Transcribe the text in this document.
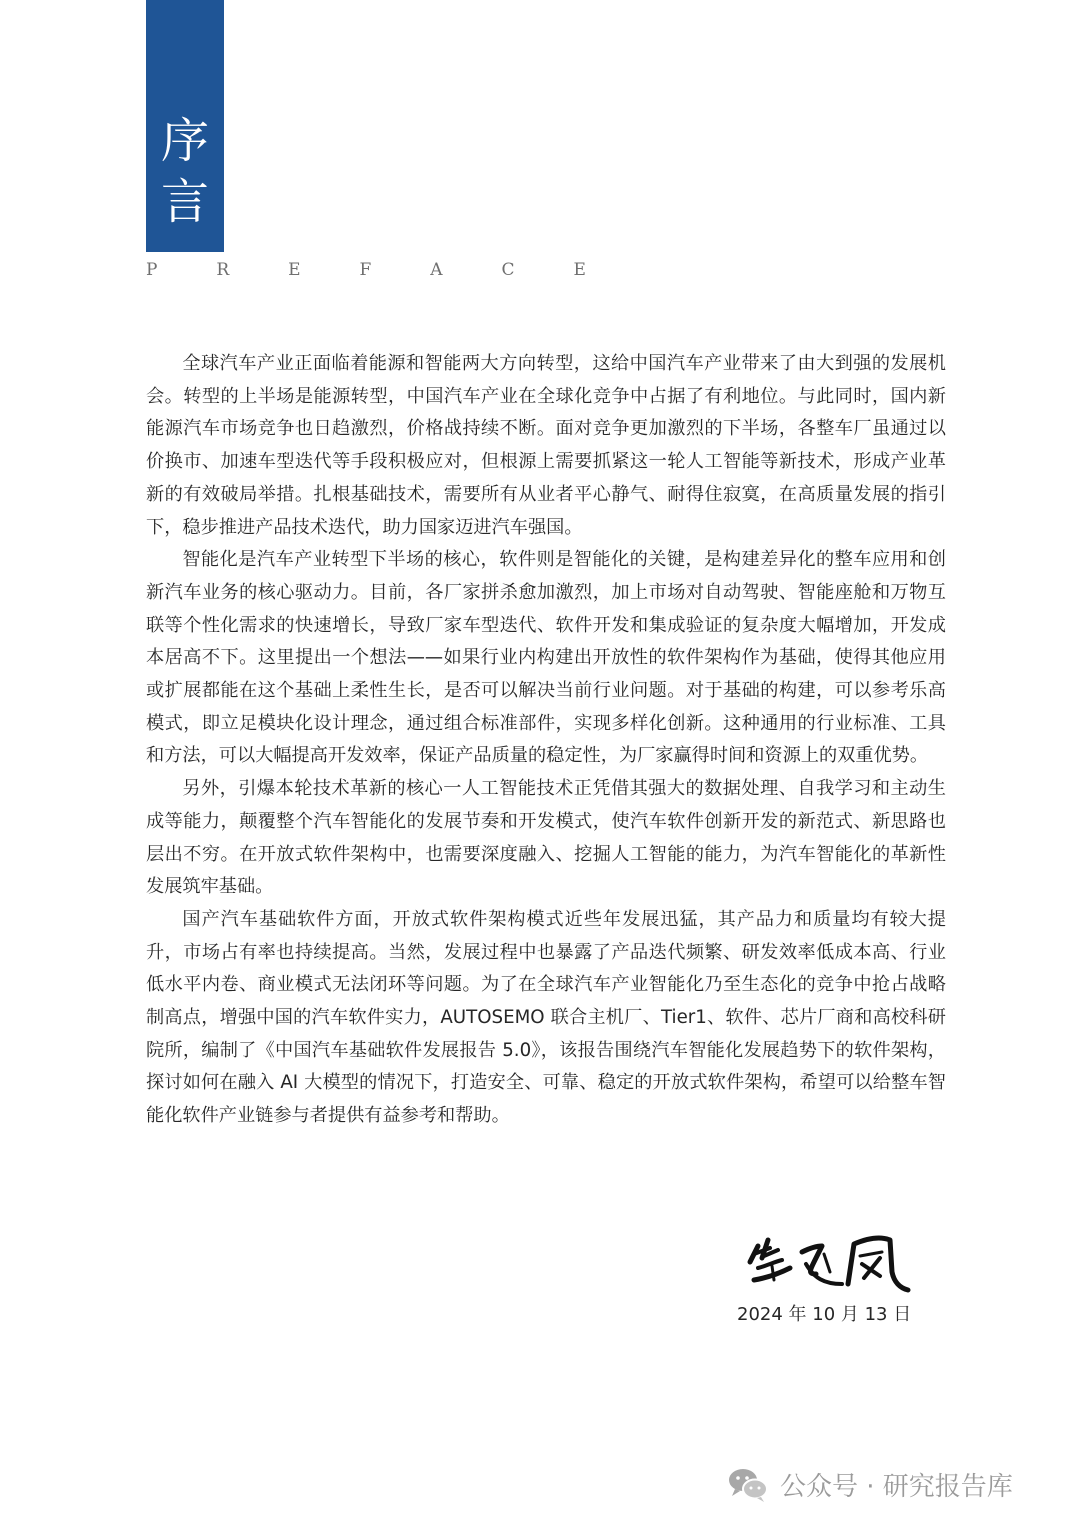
序
言
P	R	E	F	A	C	E

全球汽车产业正面临着能源和智能两大方向转型，这给中国汽车产业带来了由大到强的发展机会。转型的上半场是能源转型，中国汽车产业在全球化竞争中占据了有利地位。与此同时，国内新能源汽车市场竞争也日趋激烈，价格战持续不断。面对竞争更加激烈的下半场，各整车厂虽通过以价换市、加速车型迭代等手段积极应对，但根源上需要抓紧这一轮人工智能等新技术，形成产业革新的有效破局举措。扎根基础技术，需要所有从业者平心静气、耐得住寂寞，在高质量发展的指引下，稳步推进产品技术迭代，助力国家迈进汽车强国。

智能化是汽车产业转型下半场的核心，软件则是智能化的关键，是构建差异化的整车应用和创新汽车业务的核心驱动力。目前，各厂家拼杀愈加激烈，加上市场对自动驾驶、智能座舱和万物互联等个性化需求的快速增长，导致厂家车型迭代、软件开发和集成验证的复杂度大幅增加，开发成本居高不下。这里提出一个想法——如果行业内构建出开放性的软件架构作为基础，使得其他应用或扩展都能在这个基础上柔性生长，是否可以解决当前行业问题。对于基础的构建，可以参考乐高模式，即立足模块化设计理念，通过组合标准部件，实现多样化创新。这种通用的行业标准、工具和方法，可以大幅提高开发效率，保证产品质量的稳定性，为厂家赢得时间和资源上的双重优势。

另外，引爆本轮技术革新的核心一人工智能技术正凭借其强大的数据处理、自我学习和主动生成等能力，颠覆整个汽车智能化的发展节奏和开发模式，使汽车软件创新开发的新范式、新思路也层出不穷。在开放式软件架构中，也需要深度融入、挖掘人工智能的能力，为汽车智能化的革新性发展筑牢基础。

国产汽车基础软件方面，开放式软件架构模式近些年发展迅猛，其产品力和质量均有较大提升，市场占有率也持续提高。当然，发展过程中也暴露了产品迭代频繁、研发效率低成本高、行业低水平内卷、商业模式无法闭环等问题。为了在全球汽车产业智能化乃至生态化的竞争中抢占战略制高点，增强中国的汽车软件实力，AUTOSEMO 联合主机厂、Tier1、软件、芯片厂商和高校科研院所，编制了《中国汽车基础软件发展报告 5.0》，该报告围绕汽车智能化发展趋势下的软件架构，探讨如何在融入 AI 大模型的情况下，打造安全、可靠、稳定的开放式软件架构，希望可以给整车智能化软件产业链参与者提供有益参考和帮助。

2024 年 10 月 13 日
公众号 · 研究报告库
